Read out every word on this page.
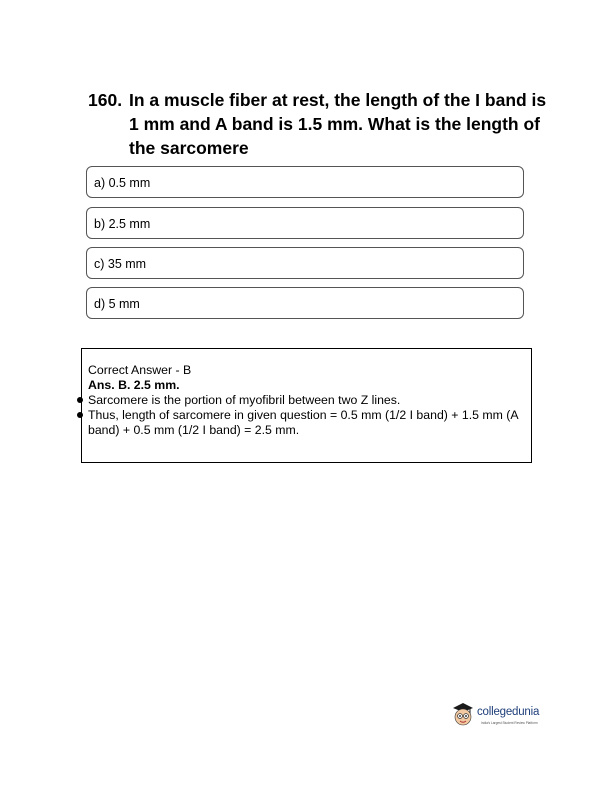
160. In a muscle fiber at rest, the length of the I band is 1 mm and A band is 1.5 mm. What is the length of the sarcomere
a) 0.5 mm
b) 2.5 mm
c) 35 mm
d) 5 mm
Correct Answer - B
Ans. B. 2.5 mm.
Sarcomere is the portion of myofibril between two Z lines.
Thus, length of sarcomere in given question = 0.5 mm (1/2 I band) + 1.5 mm (A band) + 0.5 mm (1/2 I band) = 2.5 mm.
collegedunia
India's Largest Student Review Platform
